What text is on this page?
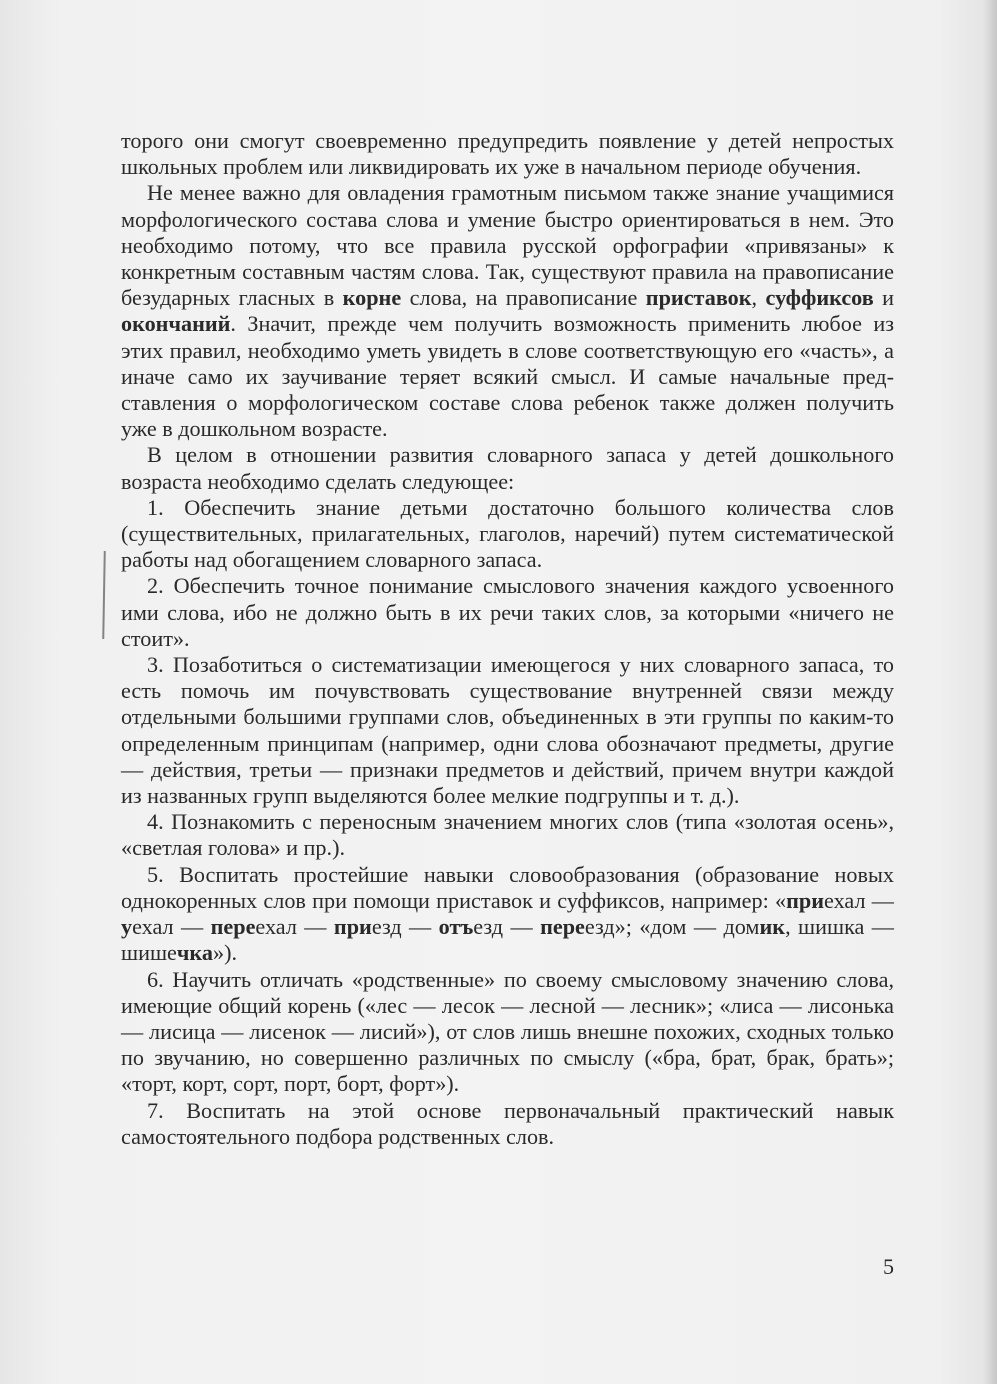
торого они смогут своевременно предупредить появление у детей непростых школьных проблем или ликвидировать их уже в начальном периоде обучения.

Не менее важно для овладения грамотным письмом также знание учащимися морфологического состава слова и умение быстро ориентироваться в нем. Это необходимо потому, что все правила русской орфографии «привязаны» к конкретным составным частям слова. Так, существуют правила на правописание безударных гласных в корне слова, на правописание приставок, суффиксов и окончаний. Значит, прежде чем получить возможность применить любое из этих правил, необходимо уметь увидеть в слове соответствующую его «часть», а иначе само их заучивание теряет всякий смысл. И самые начальные представления о морфологическом составе слова ребенок также должен получить уже в дошкольном возрасте.

В целом в отношении развития словарного запаса у детей дошкольного возраста необходимо сделать следующее:

1. Обеспечить знание детьми достаточно большого количества слов (существительных, прилагательных, глаголов, наречий) путем систематической работы над обогащением словарного запаса.

2. Обеспечить точное понимание смыслового значения каждого усвоенного ими слова, ибо не должно быть в их речи таких слов, за которыми «ничего не стоит».

3. Позаботиться о систематизации имеющегося у них словарного запаса, то есть помочь им почувствовать существование внутренней связи между отдельными большими группами слов, объединенных в эти группы по каким-то определенным принципам (например, одни слова обозначают предметы, другие — действия, третьи — признаки предметов и действий, причем внутри каждой из названных групп выделяются более мелкие подгруппы и т. д.).

4. Познакомить с переносным значением многих слов (типа «золотая осень», «светлая голова» и пр.).

5. Воспитать простейшие навыки словообразования (образование новых однокоренных слов при помощи приставок и суффиксов, например: «приехал — уехал — переехал — приезд — отъезд — переезд»; «дом — домик, шишка — шишечка»).

6. Научить отличать «родственные» по своему смысловому значению слова, имеющие общий корень («лес — лесок — лесной — лесник»; «лиса — лисонька — лисица — лисенок — лисий»), от слов лишь внешне похожих, сходных только по звучанию, но совершенно различных по смыслу («бра, брат, брак, брать»; «торт, корт, сорт, порт, борт, форт»).

7. Воспитать на этой основе первоначальный практический навык самостоятельного подбора родственных слов.

5
